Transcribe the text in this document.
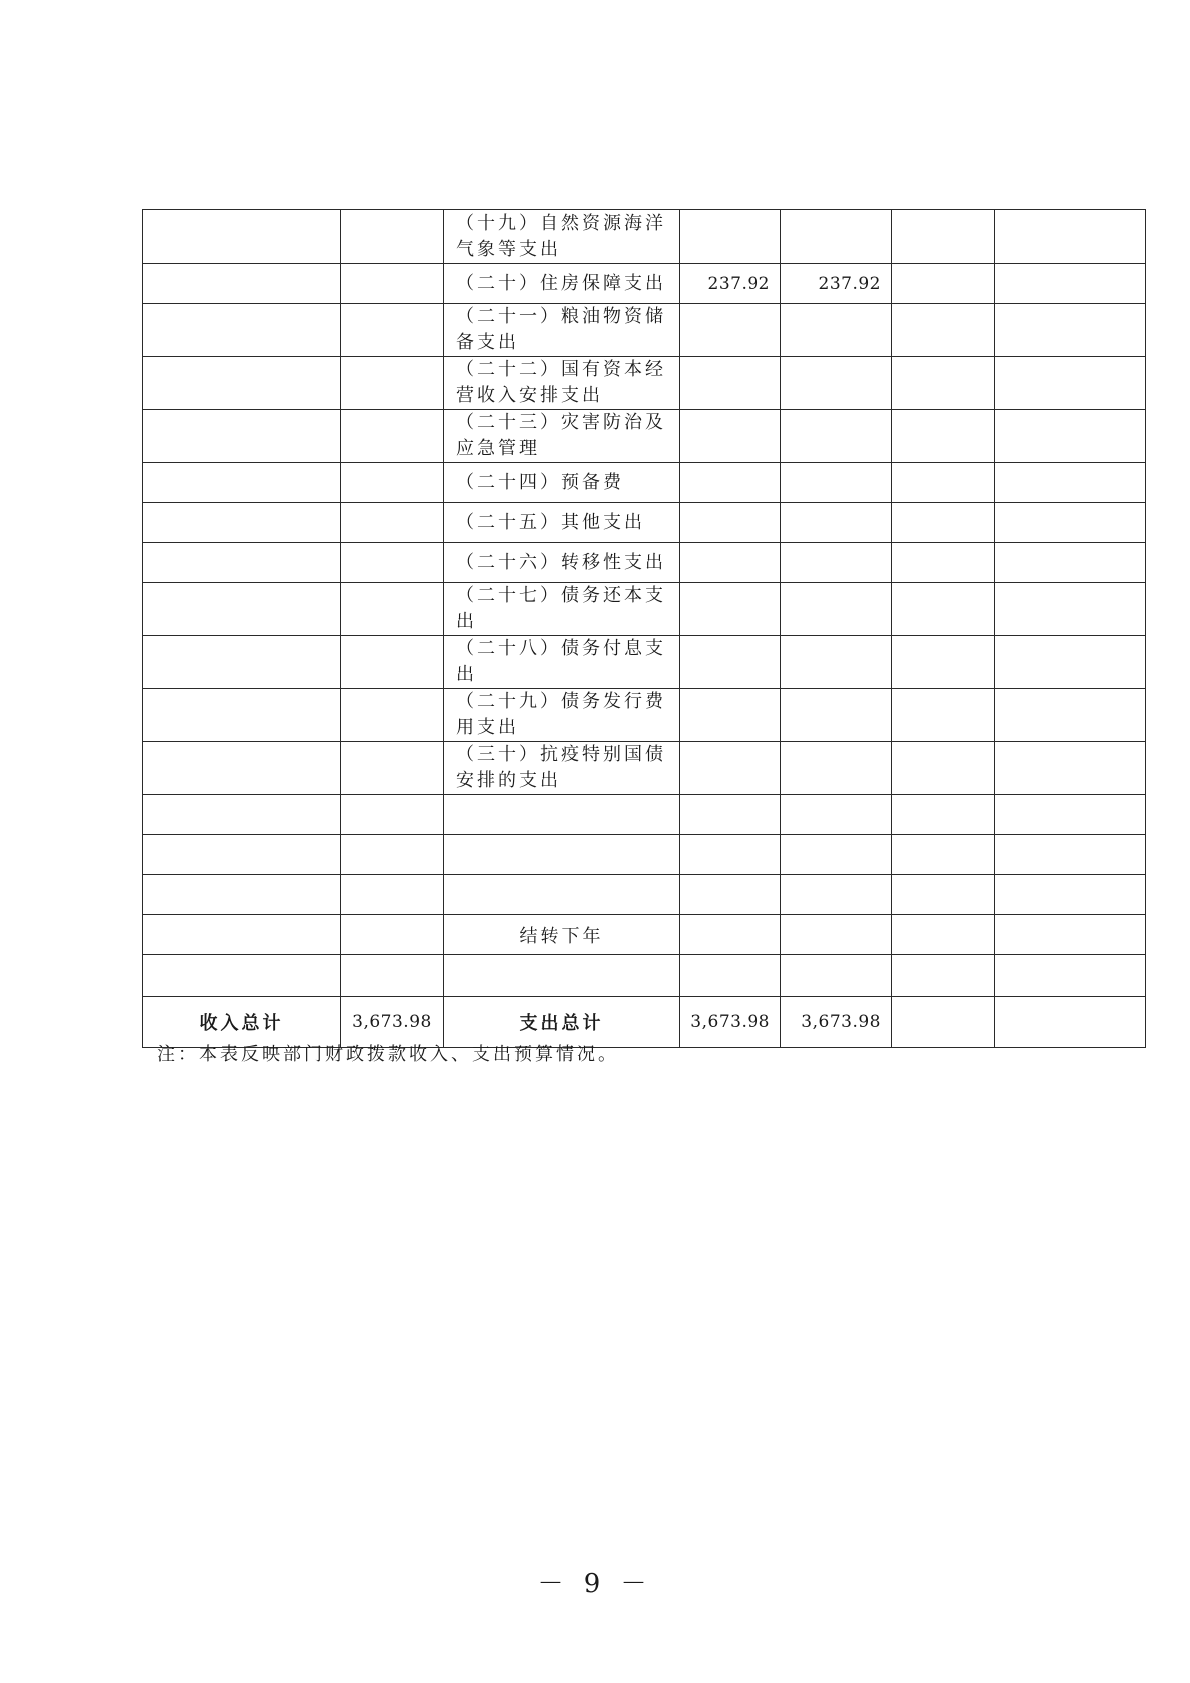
		（十九）自然资源海洋气象等支出				
		（二十）住房保障支出	237.92	237.92		
		（二十一）粮油物资储备支出				
		（二十二）国有资本经营收入安排支出				
		（二十三）灾害防治及应急管理				
		（二十四）预备费				
		（二十五）其他支出				
		（二十六）转移性支出				
		（二十七）债务还本支出				
		（二十八）债务付息支出				
		（二十九）债务发行费用支出				
		（三十）抗疫特别国债安排的支出				

		结转下年				

收入总计	3,673.98	支出总计	3,673.98	3,673.98		

注：本表反映部门财政拨款收入、支出预算情况。

－ 9 －
